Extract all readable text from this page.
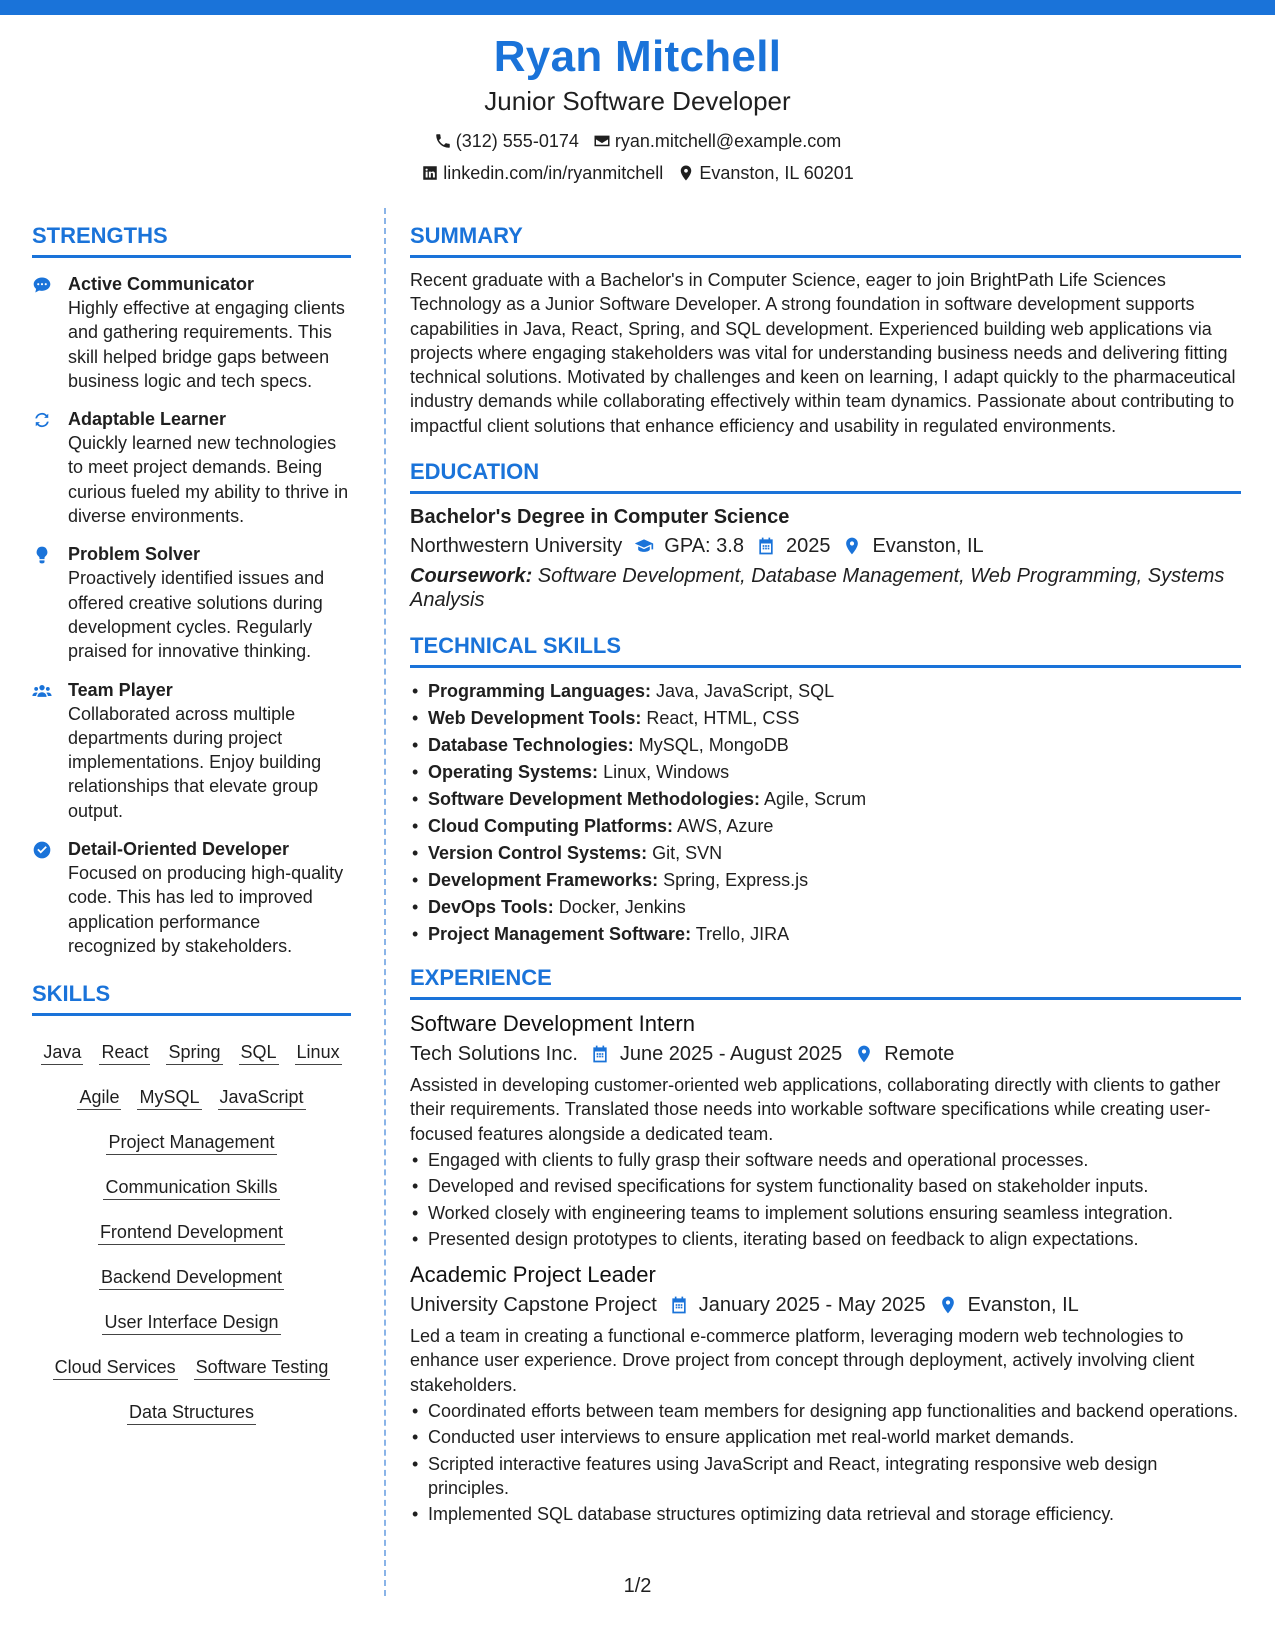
Ryan Mitchell
Junior Software Developer
(312) 555-0174 ryan.mitchell@example.com
linkedin.com/in/ryanmitchell Evanston, IL 60201
STRENGTHS
Active Communicator
Highly effective at engaging clients and gathering requirements. This skill helped bridge gaps between business logic and tech specs.
Adaptable Learner
Quickly learned new technologies to meet project demands. Being curious fueled my ability to thrive in diverse environments.
Problem Solver
Proactively identified issues and offered creative solutions during development cycles. Regularly praised for innovative thinking.
Team Player
Collaborated across multiple departments during project implementations. Enjoy building relationships that elevate group output.
Detail-Oriented Developer
Focused on producing high-quality code. This has led to improved application performance recognized by stakeholders.
SKILLS
Java React Spring SQL Linux
Agile MySQL JavaScript
Project Management
Communication Skills
Frontend Development
Backend Development
User Interface Design
Cloud Services Software Testing
Data Structures
SUMMARY
Recent graduate with a Bachelor's in Computer Science, eager to join BrightPath Life Sciences Technology as a Junior Software Developer. A strong foundation in software development supports capabilities in Java, React, Spring, and SQL development. Experienced building web applications via projects where engaging stakeholders was vital for understanding business needs and delivering fitting technical solutions. Motivated by challenges and keen on learning, I adapt quickly to the pharmaceutical industry demands while collaborating effectively within team dynamics. Passionate about contributing to impactful client solutions that enhance efficiency and usability in regulated environments.
EDUCATION
Bachelor's Degree in Computer Science
Northwestern University GPA: 3.8 2025 Evanston, IL
Coursework: Software Development, Database Management, Web Programming, Systems Analysis
TECHNICAL SKILLS
• Programming Languages: Java, JavaScript, SQL
• Web Development Tools: React, HTML, CSS
• Database Technologies: MySQL, MongoDB
• Operating Systems: Linux, Windows
• Software Development Methodologies: Agile, Scrum
• Cloud Computing Platforms: AWS, Azure
• Version Control Systems: Git, SVN
• Development Frameworks: Spring, Express.js
• DevOps Tools: Docker, Jenkins
• Project Management Software: Trello, JIRA
EXPERIENCE
Software Development Intern
Tech Solutions Inc. June 2025 - August 2025 Remote
Assisted in developing customer-oriented web applications, collaborating directly with clients to gather their requirements. Translated those needs into workable software specifications while creating user-focused features alongside a dedicated team.
• Engaged with clients to fully grasp their software needs and operational processes.
• Developed and revised specifications for system functionality based on stakeholder inputs.
• Worked closely with engineering teams to implement solutions ensuring seamless integration.
• Presented design prototypes to clients, iterating based on feedback to align expectations.
Academic Project Leader
University Capstone Project January 2025 - May 2025 Evanston, IL
Led a team in creating a functional e-commerce platform, leveraging modern web technologies to enhance user experience. Drove project from concept through deployment, actively involving client stakeholders.
• Coordinated efforts between team members for designing app functionalities and backend operations.
• Conducted user interviews to ensure application met real-world market demands.
• Scripted interactive features using JavaScript and React, integrating responsive web design principles.
• Implemented SQL database structures optimizing data retrieval and storage efficiency.
1/2
